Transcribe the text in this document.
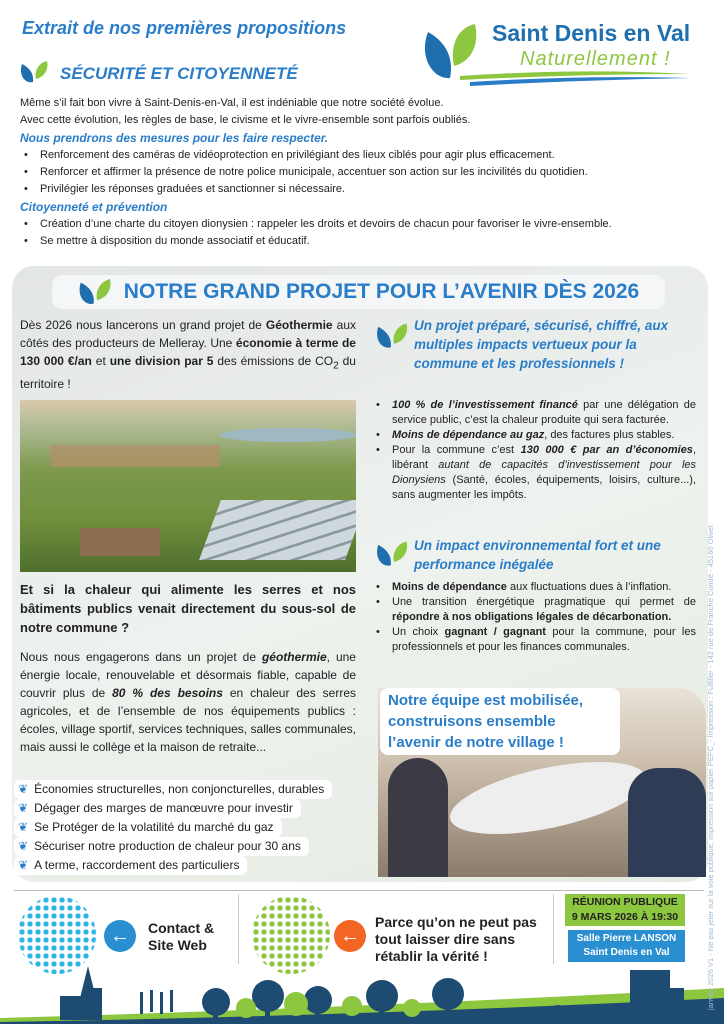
Extrait de nos premières propositions	Saint Denis en Val
Naturellement !
SÉCURITÉ ET CITOYENNETÉ
Même s’il fait bon vivre à Saint-Denis-en-Val, il est indéniable que notre société évolue.
Avec cette évolution, les règles de base, le civisme et le vivre-ensemble sont parfois oubliés.
Nous prendrons des mesures pour les faire respecter.
• Renforcement des caméras de vidéoprotection en privilégiant des lieux ciblés pour agir plus efficacement.
• Renforcer et affirmer la présence de notre police municipale, accentuer son action sur les incivilités du quotidien.
• Privilégier les réponses graduées et sanctionner si nécessaire.
Citoyenneté et prévention
• Création d’une charte du citoyen dionysien : rappeler les droits et devoirs de chacun pour favoriser le vivre-ensemble.
• Se mettre à disposition du monde associatif et éducatif.
NOTRE GRAND PROJET POUR L’AVENIR DÈS 2026
Dès 2026 nous lancerons un grand projet de Géothermie aux côtés des producteurs de Melleray. Une économie à terme de 130 000 €/an et une division par 5 des émissions de $CO_2$ du territoire !
Et si la chaleur qui alimente les serres et nos bâtiments publics venait directement du sous-sol de notre commune ?
Nous nous engagerons dans un projet de géothermie, une énergie locale, renouvelable et désormais fiable, capable de couvrir plus de 80 % des besoins en chaleur des serres agricoles, et de l’ensemble de nos équipements publics : écoles, village sportif, services techniques, salles communales, mais aussi le collège et la maison de retraite...
❦ Économies structurelles, non conjoncturelles, durables
❦ Dégager des marges de manœuvre pour investir
❦ Se Protéger de la volatilité du marché du gaz
❦ Sécuriser notre production de chaleur pour 30 ans
❦ A terme, raccordement des particuliers
Un projet préparé, sécurisé, chiffré, aux multiples impacts vertueux pour la commune et les professionnels !
• 100 % de l’investissement financé par une délégation de service public, c’est la chaleur produite qui sera facturée.
• Moins de dépendance au gaz, des factures plus stables.
• Pour la commune c’est 130 000 € par an d’économies, libérant autant de capacités d’investissement pour les Dionysiens (Santé, écoles, équipements, loisirs, culture...), sans augmenter les impôts.
Un impact environnemental fort et une performance inégalée
• Moins de dépendance aux fluctuations dues à l’inflation.
• Une transition énergétique pragmatique qui permet de répondre à nos obligations légales de décarbonation.
• Un choix gagnant / gagnant pour la commune, pour les professionnels et pour les finances communales.
Notre équipe est mobilisée, construisons ensemble l’avenir de notre village !
←	Contact & Site Web	←
Parce qu’on ne peut pas tout laisser dire sans rétablir la vérité !
RÉUNION PUBLIQUE
9 MARS 2026 À 19:30
Salle Pierre LANSON
Saint Denis en Val	janvier 2026 V1 - Ne pas jeter sur la voie publique, impression sur papier PEFC_- Impression : Fulfiller - 142 rue de Franche Comté - 45160 Olivet
